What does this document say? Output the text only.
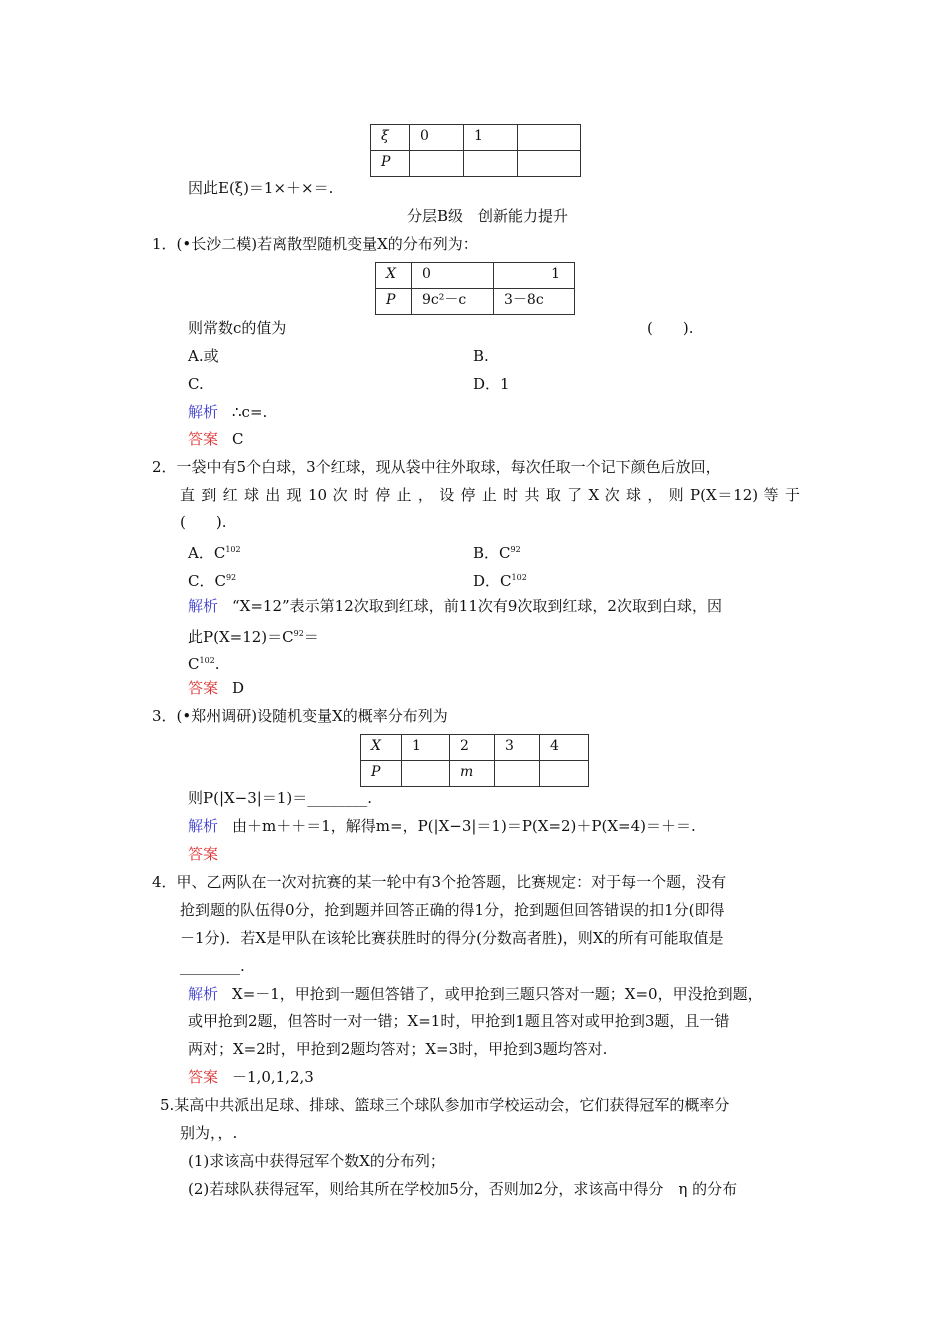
ξ	0	1	
P			
因此E(ξ)＝1×＋×＝.
分层B级　创新能力提升
1．(•长沙二模)若离散型随机变量X的分布列为：
X	0	1
P	9c²－c	3－8c
则常数c的值为	(　　).
A.或	B.
C.	D．1
解析 ∴c=.
答案 C
2．一袋中有5个白球，3个红球，现从袋中往外取球，每次任取一个记下颜色后放回，
直 到 红 球 出 现 10 次 时 停 止 ， 设 停 止 时 共 取 了 X 次 球 ， 则 P(X＝12) 等 于
(　　).
A．$C^{102}$	B．$C^{92}$
C．$C^{92}$	D．$C^{102}$
解析 “X=12”表示第12次取到红球，前11次有9次取到红球，2次取到白球，因
此$P(X=12)=C^{92}=$
$C^{102}$.
答案 D
3．(•郑州调研)设随机变量X的概率分布列为
X	1	2	3	4
P		m		
则P(|X−3|＝1)＝________.
解析 由＋m＋＋＝1，解得m=，P(|X−3|＝1)＝P(X=2)＋P(X=4)＝＋＝.
答案
4．甲、乙两队在一次对抗赛的某一轮中有3个抢答题，比赛规定：对于每一个题，没有
抢到题的队伍得0分，抢到题并回答正确的得1分，抢到题但回答错误的扣1分(即得
－1分)．若X是甲队在该轮比赛获胜时的得分(分数高者胜)，则X的所有可能取值是
________.
解析 X=－1，甲抢到一题但答错了，或甲抢到三题只答对一题；X=0，甲没抢到题，
或甲抢到2题，但答时一对一错；X=1时，甲抢到1题且答对或甲抢到3题，且一错
两对；X=2时，甲抢到2题均答对；X=3时，甲抢到3题均答对.
答案 －1,0,1,2,3
5.某高中共派出足球、排球、篮球三个球队参加市学校运动会，它们获得冠军的概率分
别为，，.
(1)求该高中获得冠军个数X的分布列；
(2)若球队获得冠军，则给其所在学校加5分，否则加2分，求该高中得分　η 的分布
